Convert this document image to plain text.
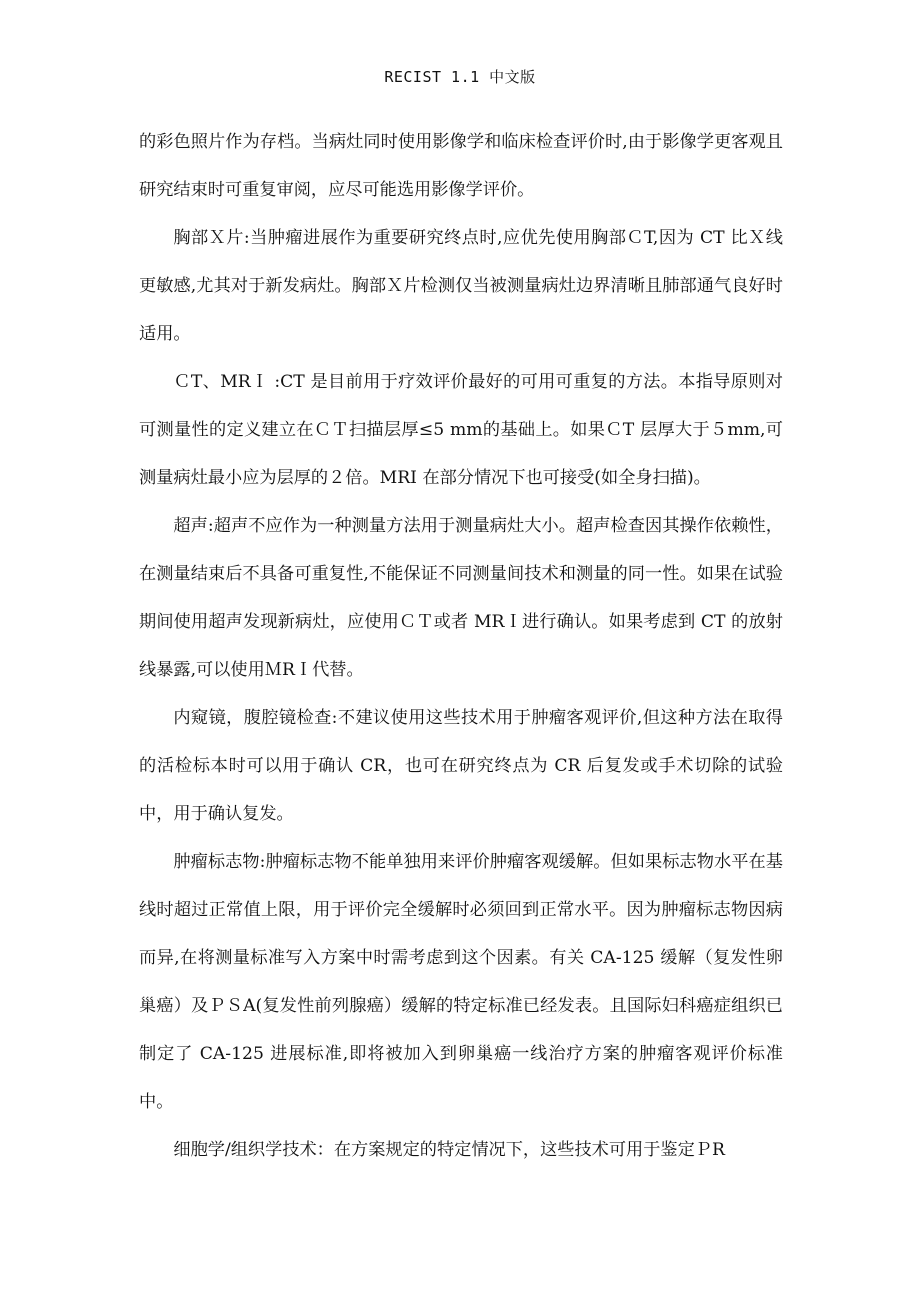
RECIST 1.1 中文版

的彩色照片作为存档。当病灶同时使用影像学和临床检查评价时,由于影像学更客观且研究结束时可重复审阅，应尽可能选用影像学评价。

胸部Ｘ片:当肿瘤进展作为重要研究终点时,应优先使用胸部ＣT,因为 CT 比Ｘ线更敏感,尤其对于新发病灶。胸部Ｘ片检测仅当被测量病灶边界清晰且肺部通气良好时适用。

ＣT、MRＩ :CT 是目前用于疗效评价最好的可用可重复的方法。本指导原则对可测量性的定义建立在ＣＴ扫描层厚≤5 mm的基础上。如果ＣT 层厚大于５mm,可测量病灶最小应为层厚的２倍。MRI 在部分情况下也可接受(如全身扫描)。

超声:超声不应作为一种测量方法用于测量病灶大小。超声检查因其操作依赖性，在测量结束后不具备可重复性,不能保证不同测量间技术和测量的同一性。如果在试验期间使用超声发现新病灶，应使用ＣＴ或者 MRＩ进行确认。如果考虑到 CT 的放射线暴露,可以使用ＭRＩ代替。

内窥镜，腹腔镜检查:不建议使用这些技术用于肿瘤客观评价,但这种方法在取得的活检标本时可以用于确认 CR，也可在研究终点为 CR 后复发或手术切除的试验中，用于确认复发。

肿瘤标志物:肿瘤标志物不能单独用来评价肿瘤客观缓解。但如果标志物水平在基线时超过正常值上限，用于评价完全缓解时必须回到正常水平。因为肿瘤标志物因病而异,在将测量标准写入方案中时需考虑到这个因素。有关 CA-125 缓解（复发性卵巢癌）及ＰＳA(复发性前列腺癌）缓解的特定标准已经发表。且国际妇科癌症组织已制定了 CA-125 进展标准,即将被加入到卵巢癌一线治疗方案的肿瘤客观评价标准中。

细胞学/组织学技术：在方案规定的特定情况下，这些技术可用于鉴定ＰR
